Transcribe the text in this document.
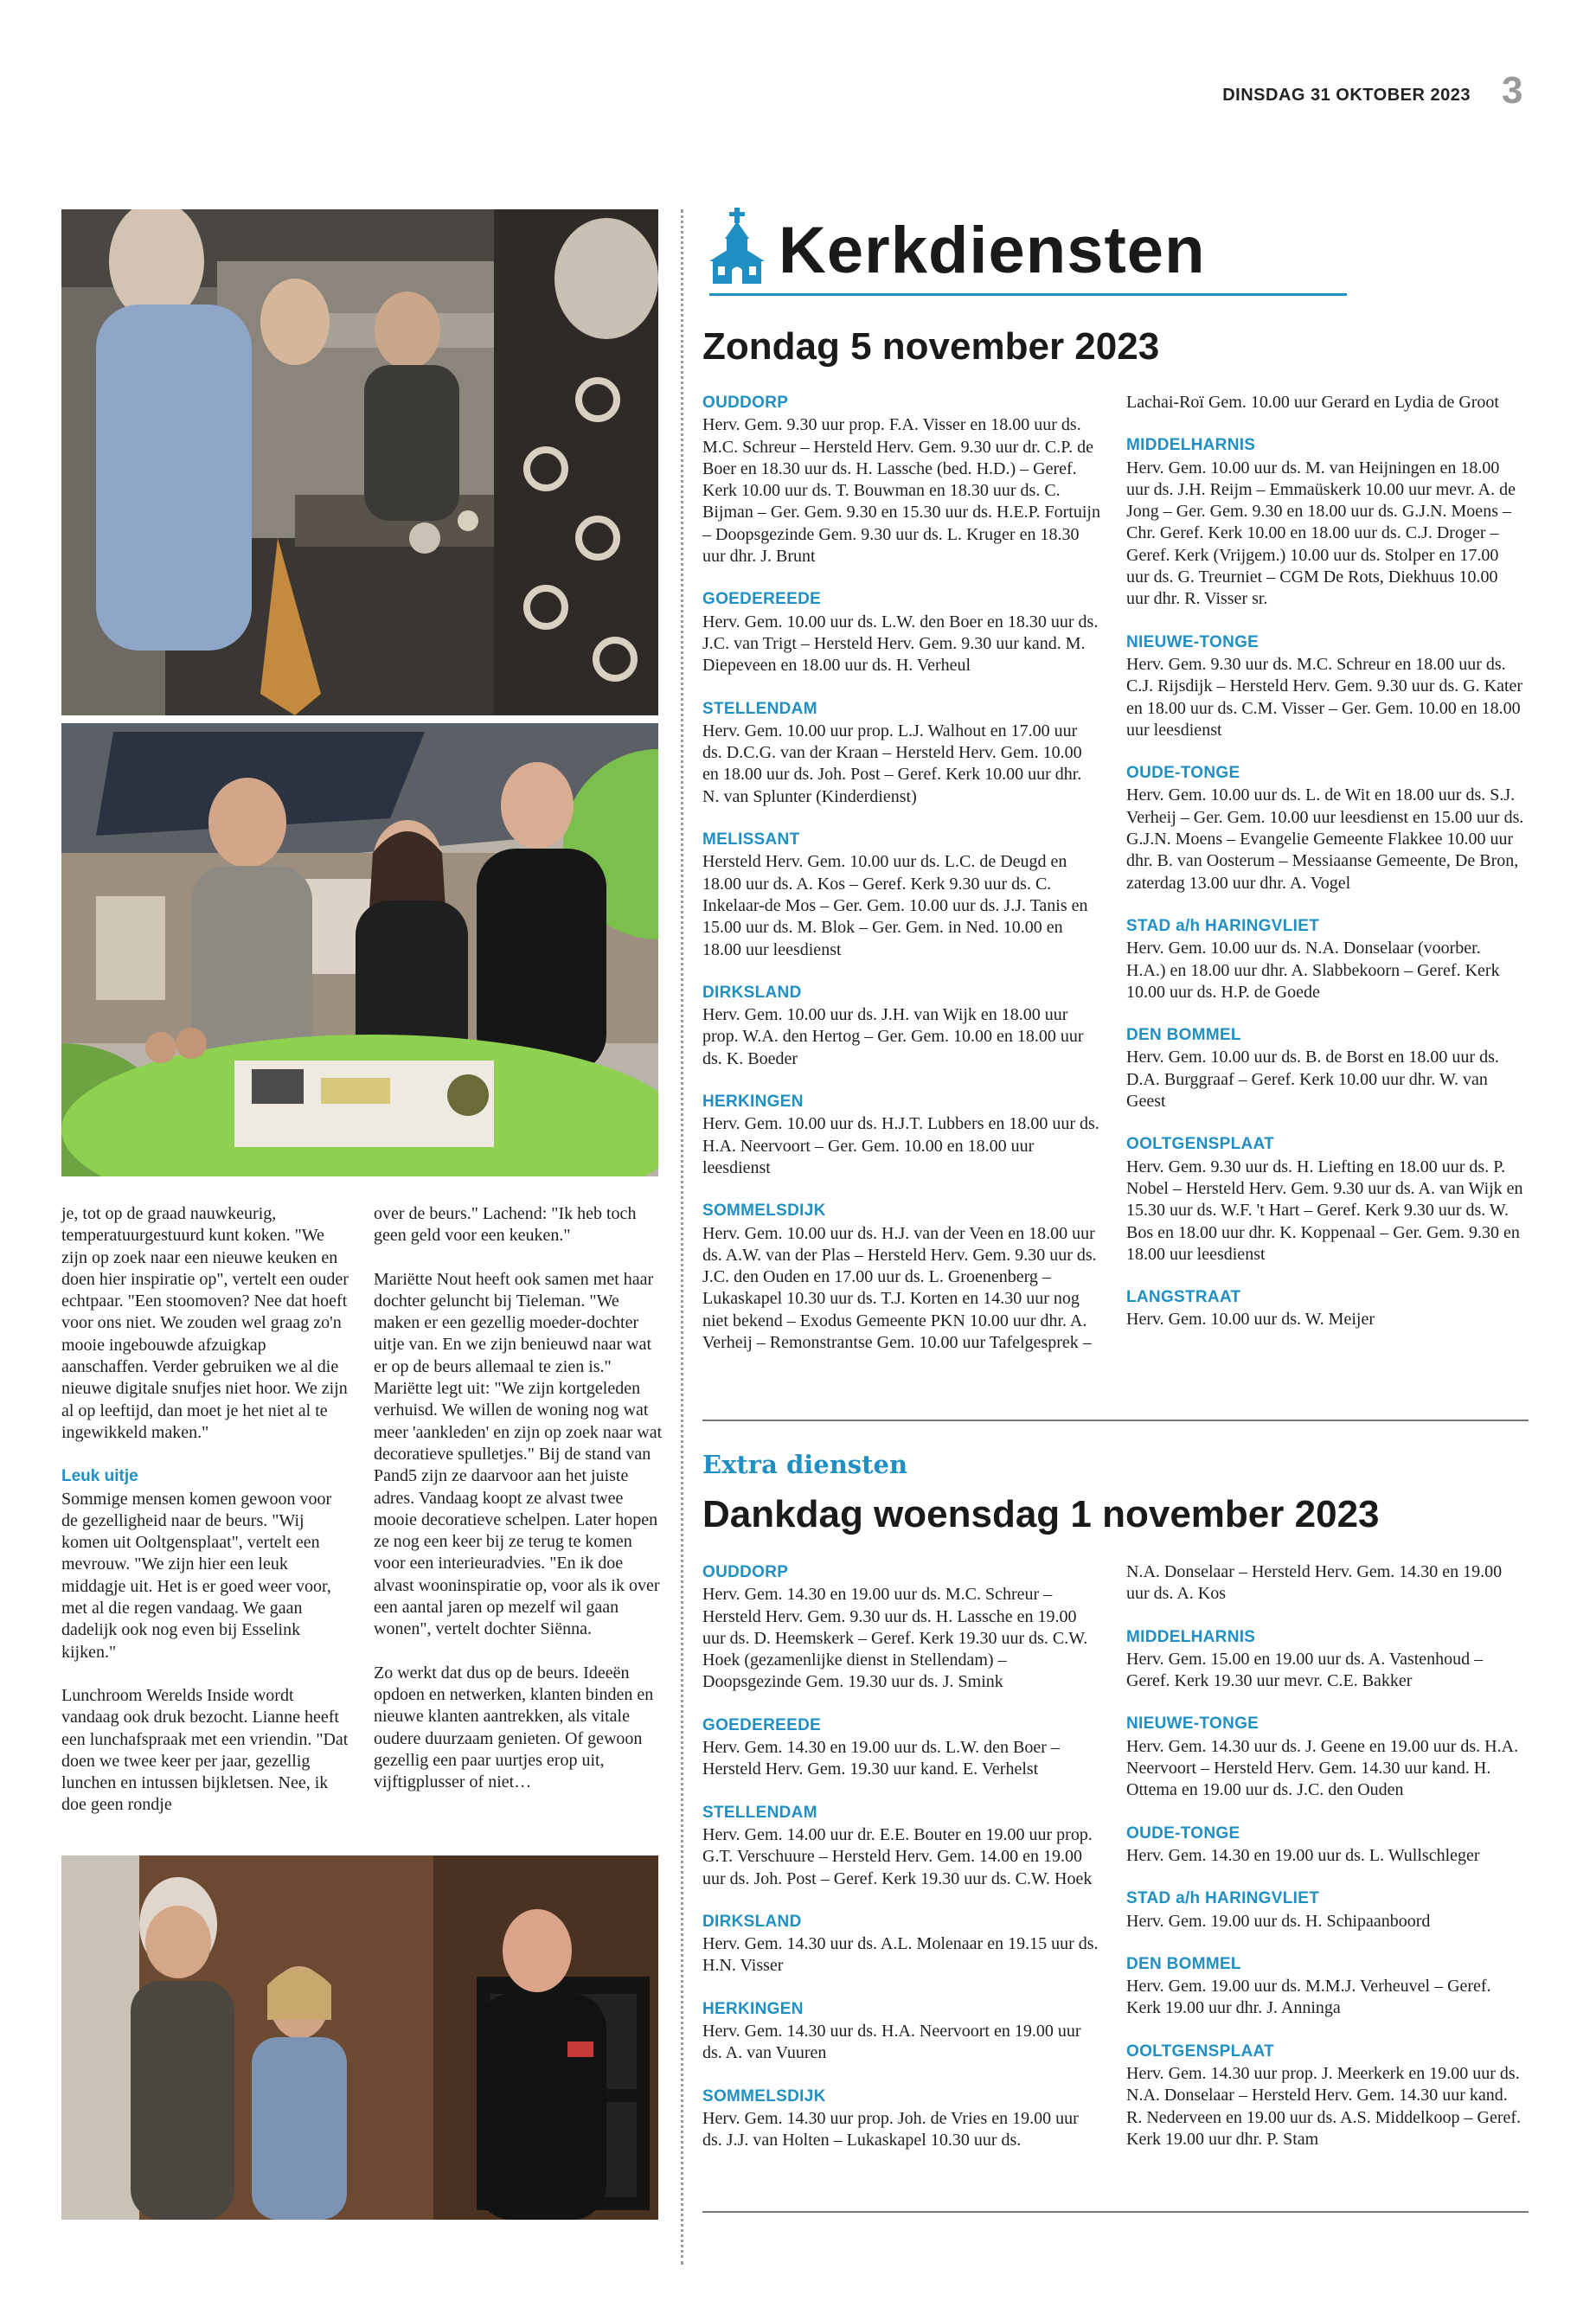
DINSDAG 31 OKTOBER 2023 3

je, tot op de graad nauwkeurig, temperatuurgestuurd kunt koken. "We zijn op zoek naar een nieuwe keuken en doen hier inspiratie op", vertelt een ouder echtpaar. "Een stoomoven? Nee dat hoeft voor ons niet. We zouden wel graag zo'n mooie ingebouwde afzuigkap aanschaffen. Verder gebruiken we al die nieuwe digitale snufjes niet hoor. We zijn al op leeftijd, dan moet je het niet al te ingewikkeld maken."

Leuk uitje

Sommige mensen komen gewoon voor de gezelligheid naar de beurs. "Wij komen uit Ooltgensplaat", vertelt een mevrouw. "We zijn hier een leuk middagje uit. Het is er goed weer voor, met al die regen vandaag. We gaan dadelijk ook nog even bij Esselink kijken."

Lunchroom Werelds Inside wordt vandaag ook druk bezocht. Lianne heeft een lunchafspraak met een vriendin. "Dat doen we twee keer per jaar, gezellig lunchen en intussen bijkletsen. Nee, ik doe geen rondje

over de beurs." Lachend: "Ik heb toch geen geld voor een keuken."

Mariëtte Nout heeft ook samen met haar dochter geluncht bij Tieleman. "We maken er een gezellig moeder-dochter uitje van. En we zijn benieuwd naar wat er op de beurs allemaal te zien is." Mariëtte legt uit: "We zijn kortgeleden verhuisd. We willen de woning nog wat meer 'aankleden' en zijn op zoek naar wat decoratieve spulletjes." Bij de stand van Pand5 zijn ze daarvoor aan het juiste adres. Vandaag koopt ze alvast twee mooie decoratieve schelpen. Later hopen ze nog een keer bij ze terug te komen voor een interieuradvies. "En ik doe alvast wooninspiratie op, voor als ik over een aantal jaren op mezelf wil gaan wonen", vertelt dochter Siënna.

Zo werkt dat dus op de beurs. Ideeën opdoen en netwerken, klanten binden en nieuwe klanten aantrekken, als vitale oudere duurzaam genieten. Of gewoon gezellig een paar uurtjes erop uit, vijftigplusser of niet…

Kerkdiensten
Zondag 5 november 2023
OUDDORP
Herv. Gem. 9.30 uur prop. F.A. Visser en 18.00 uur ds. M.C. Schreur – Hersteld Herv. Gem. 9.30 uur dr. C.P. de Boer en 18.30 uur ds. H. Lassche (bed. H.D.) – Geref. Kerk 10.00 uur ds. T. Bouwman en 18.30 uur ds. C. Bijman – Ger. Gem. 9.30 en 15.30 uur ds. H.E.P. Fortuijn – Doopsgezinde Gem. 9.30 uur ds. L. Kruger en 18.30 uur dhr. J. Brunt
GOEDEREEDE
Herv. Gem. 10.00 uur ds. L.W. den Boer en 18.30 uur ds. J.C. van Trigt – Hersteld Herv. Gem. 9.30 uur kand. M. Diepeveen en 18.00 uur ds. H. Verheul
STELLENDAM
Herv. Gem. 10.00 uur prop. L.J. Walhout en 17.00 uur ds. D.C.G. van der Kraan – Hersteld Herv. Gem. 10.00 en 18.00 uur ds. Joh. Post – Geref. Kerk 10.00 uur dhr. N. van Splunter (Kinderdienst)
MELISSANT
Hersteld Herv. Gem. 10.00 uur ds. L.C. de Deugd en 18.00 uur ds. A. Kos – Geref. Kerk 9.30 uur ds. C. Inkelaar-de Mos – Ger. Gem. 10.00 uur ds. J.J. Tanis en 15.00 uur ds. M. Blok – Ger. Gem. in Ned. 10.00 en 18.00 uur leesdienst
DIRKSLAND
Herv. Gem. 10.00 uur ds. J.H. van Wijk en 18.00 uur prop. W.A. den Hertog – Ger. Gem. 10.00 en 18.00 uur ds. K. Boeder
HERKINGEN
Herv. Gem. 10.00 uur ds. H.J.T. Lubbers en 18.00 uur ds. H.A. Neervoort – Ger. Gem. 10.00 en 18.00 uur leesdienst
SOMMELSDIJK
Herv. Gem. 10.00 uur ds. H.J. van der Veen en 18.00 uur ds. A.W. van der Plas – Hersteld Herv. Gem. 9.30 uur ds. J.C. den Ouden en 17.00 uur ds. L. Groenenberg – Lukaskapel 10.30 uur ds. T.J. Korten en 14.30 uur nog niet bekend – Exodus Gemeente PKN 10.00 uur dhr. A. Verheij – Remonstrantse Gem. 10.00 uur Tafelgesprek –
Lachai-Roï Gem. 10.00 uur Gerard en Lydia de Groot
MIDDELHARNIS
Herv. Gem. 10.00 uur ds. M. van Heijningen en 18.00 uur ds. J.H. Reijm – Emmaüskerk 10.00 uur mevr. A. de Jong – Ger. Gem. 9.30 en 18.00 uur ds. G.J.N. Moens – Chr. Geref. Kerk 10.00 en 18.00 uur ds. C.J. Droger – Geref. Kerk (Vrijgem.) 10.00 uur ds. Stolper en 17.00 uur ds. G. Treurniet – CGM De Rots, Diekhuus 10.00 uur dhr. R. Visser sr.
NIEUWE-TONGE
Herv. Gem. 9.30 uur ds. M.C. Schreur en 18.00 uur ds. C.J. Rijsdijk – Hersteld Herv. Gem. 9.30 uur ds. G. Kater en 18.00 uur ds. C.M. Visser – Ger. Gem. 10.00 en 18.00 uur leesdienst
OUDE-TONGE
Herv. Gem. 10.00 uur ds. L. de Wit en 18.00 uur ds. S.J. Verheij – Ger. Gem. 10.00 uur leesdienst en 15.00 uur ds. G.J.N. Moens – Evangelie Gemeente Flakkee 10.00 uur dhr. B. van Oosterum – Messiaanse Gemeente, De Bron, zaterdag 13.00 uur dhr. A. Vogel
STAD a/h HARINGVLIET
Herv. Gem. 10.00 uur ds. N.A. Donselaar (voorber. H.A.) en 18.00 uur dhr. A. Slabbekoorn – Geref. Kerk 10.00 uur ds. H.P. de Goede
DEN BOMMEL
Herv. Gem. 10.00 uur ds. B. de Borst en 18.00 uur ds. D.A. Burggraaf – Geref. Kerk 10.00 uur dhr. W. van Geest
OOLTGENSPLAAT
Herv. Gem. 9.30 uur ds. H. Liefting en 18.00 uur ds. P. Nobel – Hersteld Herv. Gem. 9.30 uur ds. A. van Wijk en 15.30 uur ds. W.F. 't Hart – Geref. Kerk 9.30 uur ds. W. Bos en 18.00 uur dhr. K. Koppenaal – Ger. Gem. 9.30 en 18.00 uur leesdienst
LANGSTRAAT
Herv. Gem. 10.00 uur ds. W. Meijer
Extra diensten
Dankdag woensdag 1 november 2023
OUDDORP
Herv. Gem. 14.30 en 19.00 uur ds. M.C. Schreur – Hersteld Herv. Gem. 9.30 uur ds. H. Lassche en 19.00 uur ds. D. Heemskerk – Geref. Kerk 19.30 uur ds. C.W. Hoek (gezamenlijke dienst in Stellendam) – Doopsgezinde Gem. 19.30 uur ds. J. Smink
GOEDEREEDE
Herv. Gem. 14.30 en 19.00 uur ds. L.W. den Boer – Hersteld Herv. Gem. 19.30 uur kand. E. Verhelst
STELLENDAM
Herv. Gem. 14.00 uur dr. E.E. Bouter en 19.00 uur prop. G.T. Verschuure – Hersteld Herv. Gem. 14.00 en 19.00 uur ds. Joh. Post – Geref. Kerk 19.30 uur ds. C.W. Hoek
DIRKSLAND
Herv. Gem. 14.30 uur ds. A.L. Molenaar en 19.15 uur ds. H.N. Visser
HERKINGEN
Herv. Gem. 14.30 uur ds. H.A. Neervoort en 19.00 uur ds. A. van Vuuren
SOMMELSDIJK
Herv. Gem. 14.30 uur prop. Joh. de Vries en 19.00 uur ds. J.J. van Holten – Lukaskapel 10.30 uur ds.
N.A. Donselaar – Hersteld Herv. Gem. 14.30 en 19.00 uur ds. A. Kos
MIDDELHARNIS
Herv. Gem. 15.00 en 19.00 uur ds. A. Vastenhoud – Geref. Kerk 19.30 uur mevr. C.E. Bakker
NIEUWE-TONGE
Herv. Gem. 14.30 uur ds. J. Geene en 19.00 uur ds. H.A. Neervoort – Hersteld Herv. Gem. 14.30 uur kand. H. Ottema en 19.00 uur ds. J.C. den Ouden
OUDE-TONGE
Herv. Gem. 14.30 en 19.00 uur ds. L. Wullschleger
STAD a/h HARINGVLIET
Herv. Gem. 19.00 uur ds. H. Schipaanboord
DEN BOMMEL
Herv. Gem. 19.00 uur ds. M.M.J. Verheuvel – Geref. Kerk 19.00 uur dhr. J. Anninga
OOLTGENSPLAAT
Herv. Gem. 14.30 uur prop. J. Meerkerk en 19.00 uur ds. N.A. Donselaar – Hersteld Herv. Gem. 14.30 uur kand. R. Nederveen en 19.00 uur ds. A.S. Middelkoop – Geref. Kerk 19.00 uur dhr. P. Stam
